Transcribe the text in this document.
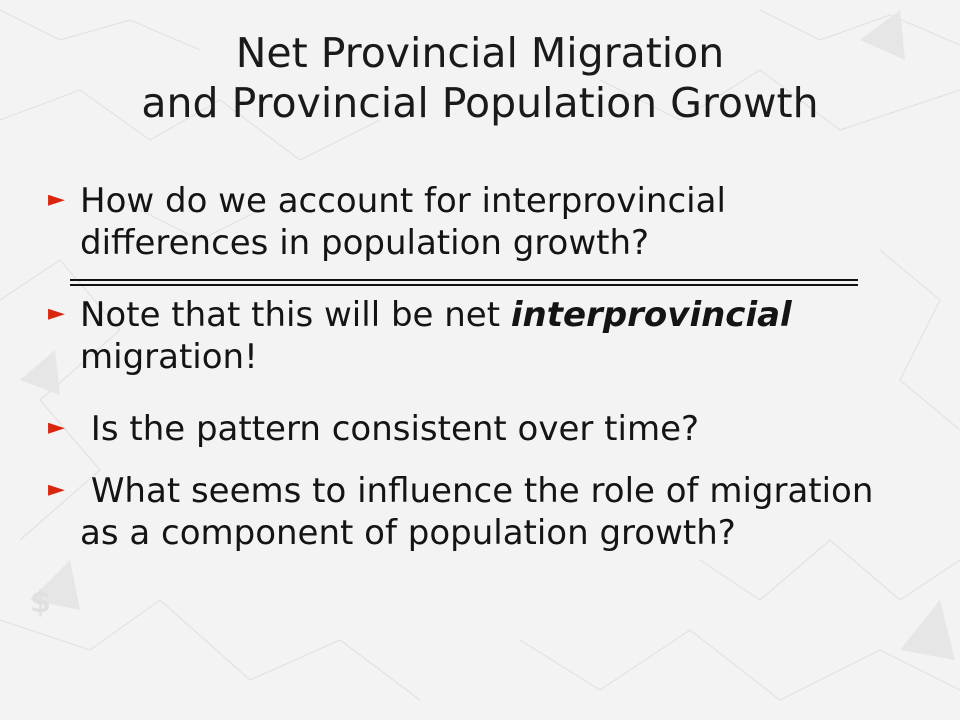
$
Net Provincial Migration
and Provincial Population Growth
► How do we account for interprovincial differences in population growth?
► Note that this will be net interprovincial migration!
► Is the pattern consistent over time?
► What seems to influence the role of migration as a component of population growth?
